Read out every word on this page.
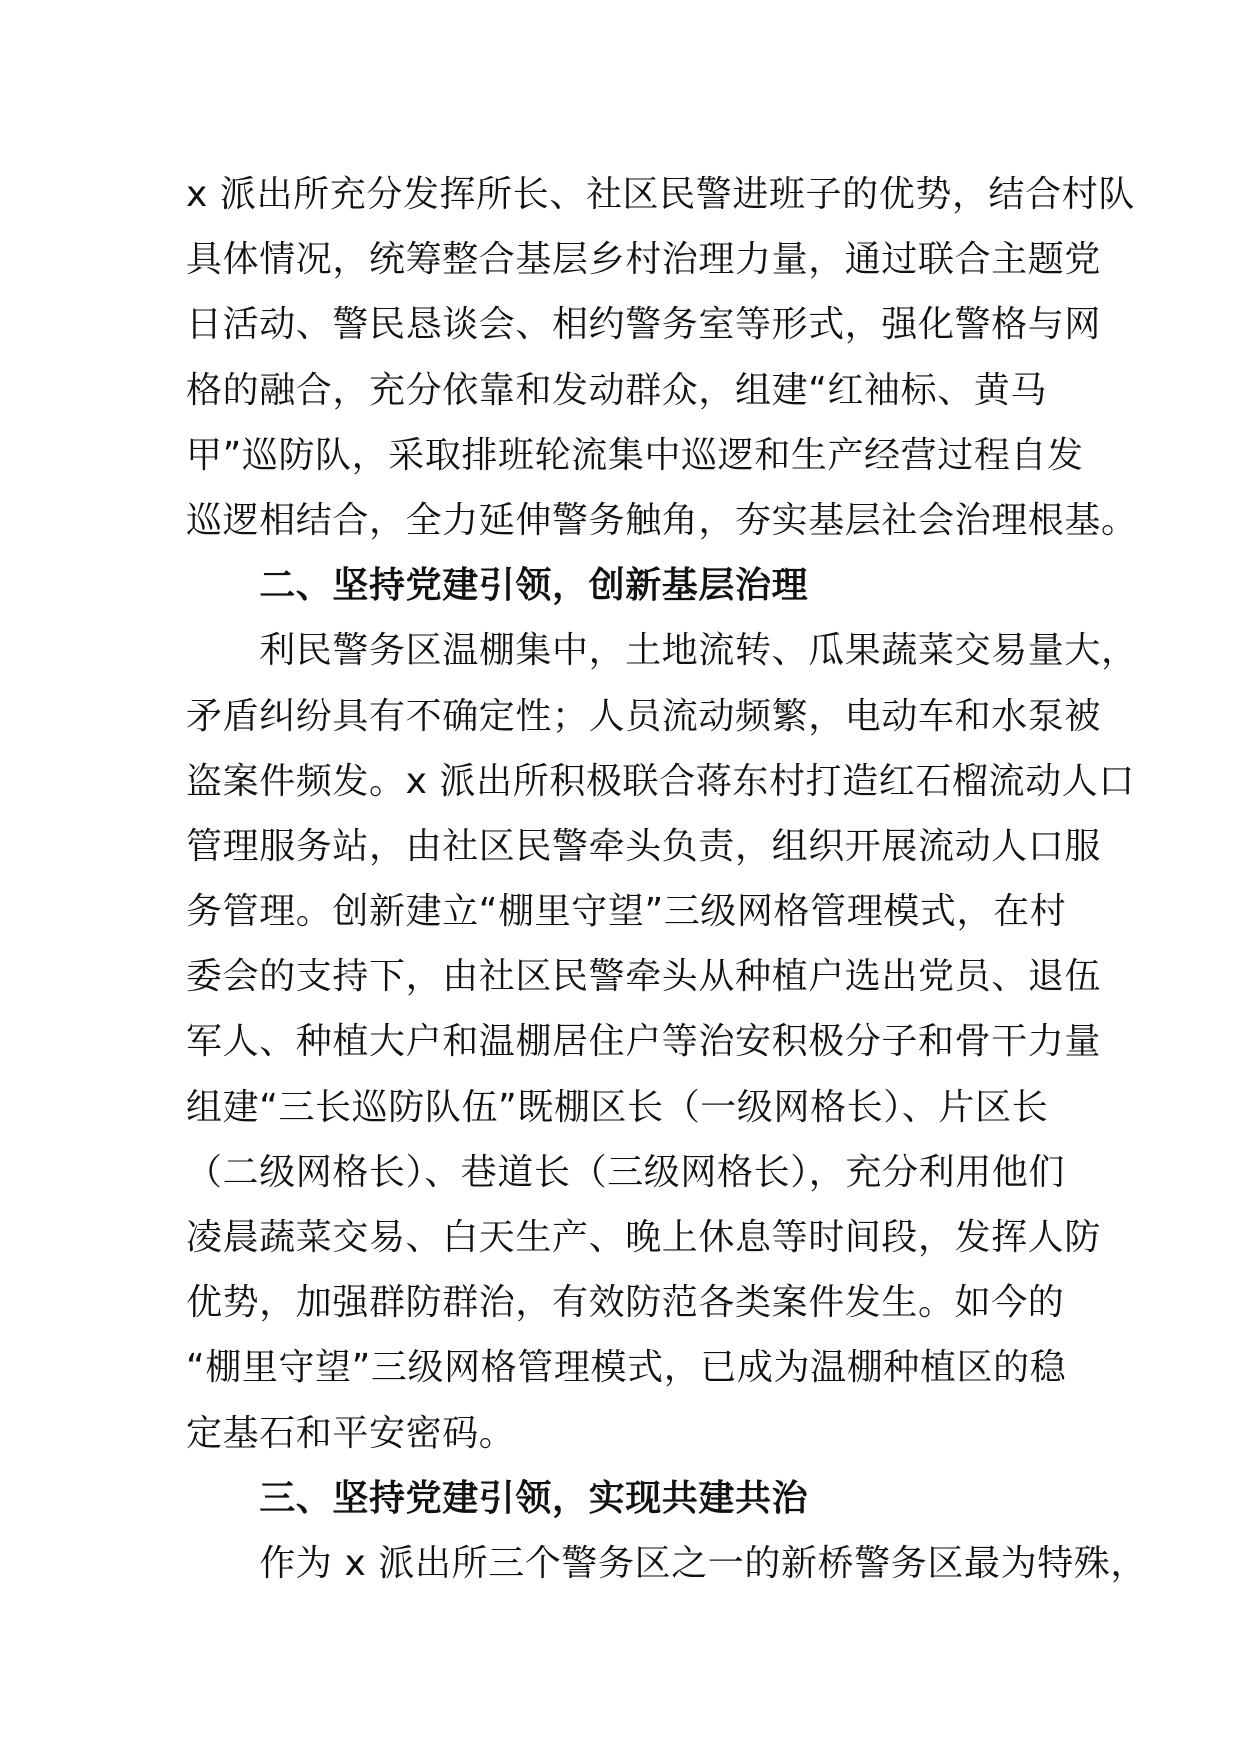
x 派出所充分发挥所长、社区民警进班子的优势，结合村队
具体情况，统筹整合基层乡村治理力量，通过联合主题党
日活动、警民恳谈会、相约警务室等形式，强化警格与网
格的融合，充分依靠和发动群众，组建“红袖标、黄马
甲”巡防队，采取排班轮流集中巡逻和生产经营过程自发
巡逻相结合，全力延伸警务触角，夯实基层社会治理根基。
　　二、坚持党建引领，创新基层治理
　　利民警务区温棚集中，土地流转、瓜果蔬菜交易量大，
矛盾纠纷具有不确定性；人员流动频繁，电动车和水泵被
盗案件频发。x 派出所积极联合蒋东村打造红石榴流动人口
管理服务站，由社区民警牵头负责，组织开展流动人口服
务管理。创新建立“棚里守望”三级网格管理模式，在村
委会的支持下，由社区民警牵头从种植户选出党员、退伍
军人、种植大户和温棚居住户等治安积极分子和骨干力量
组建“三长巡防队伍”既棚区长（一级网格长）、片区长
（二级网格长）、巷道长（三级网格长），充分利用他们
凌晨蔬菜交易、白天生产、晚上休息等时间段，发挥人防
优势，加强群防群治，有效防范各类案件发生。如今的
“棚里守望”三级网格管理模式，已成为温棚种植区的稳
定基石和平安密码。
　　三、坚持党建引领，实现共建共治
　　作为 x 派出所三个警务区之一的新桥警务区最为特殊，
